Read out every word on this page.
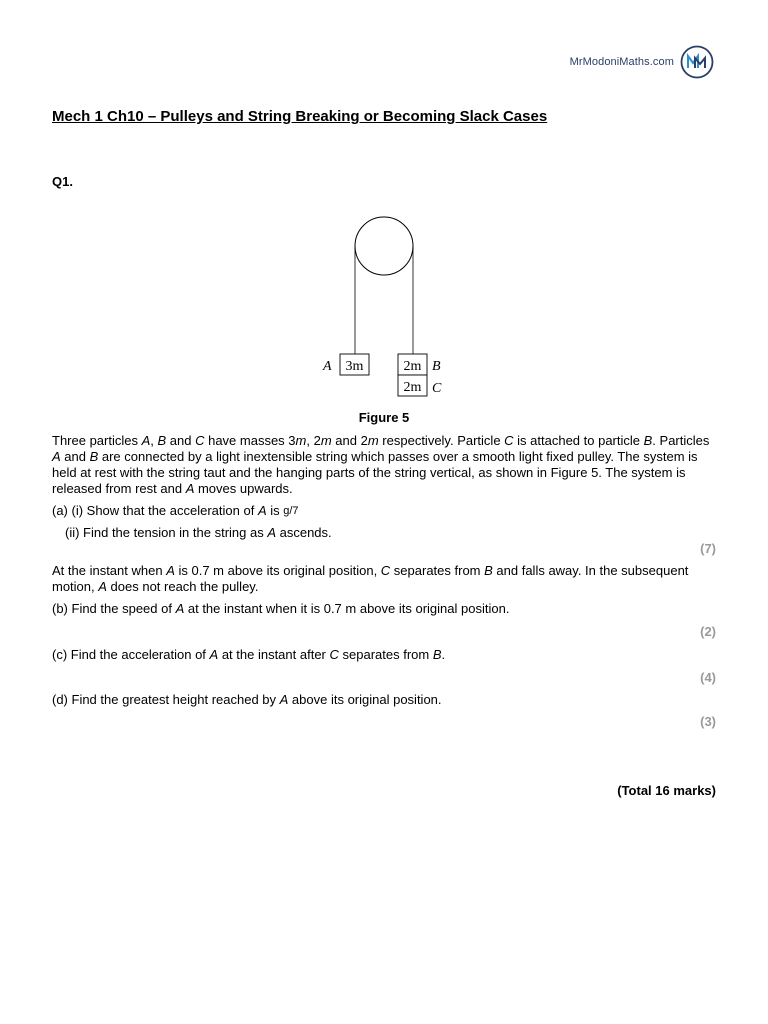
MrModoniMaths.com
Mech 1 Ch10 – Pulleys and String Breaking or Becoming Slack Cases
Q1.
3m	2m
2m
A	B
C
Figure 5
Three particles A, B and C have masses 3m, 2m and 2m respectively. Particle C is attached to particle B. Particles A and B are connected by a light inextensible string which passes over a smooth light fixed pulley. The system is held at rest with the string taut and the hanging parts of the string vertical, as shown in Figure 5. The system is released from rest and A moves upwards.
(a) (i) Show that the acceleration of A is g/7
(ii) Find the tension in the string as A ascends.
(7)
At the instant when A is 0.7 m above its original position, C separates from B and falls away. In the subsequent motion, A does not reach the pulley.
(b) Find the speed of A at the instant when it is 0.7 m above its original position.
(2)
(c) Find the acceleration of A at the instant after C separates from B.
(4)
(d) Find the greatest height reached by A above its original position.
(3)
(Total 16 marks)
